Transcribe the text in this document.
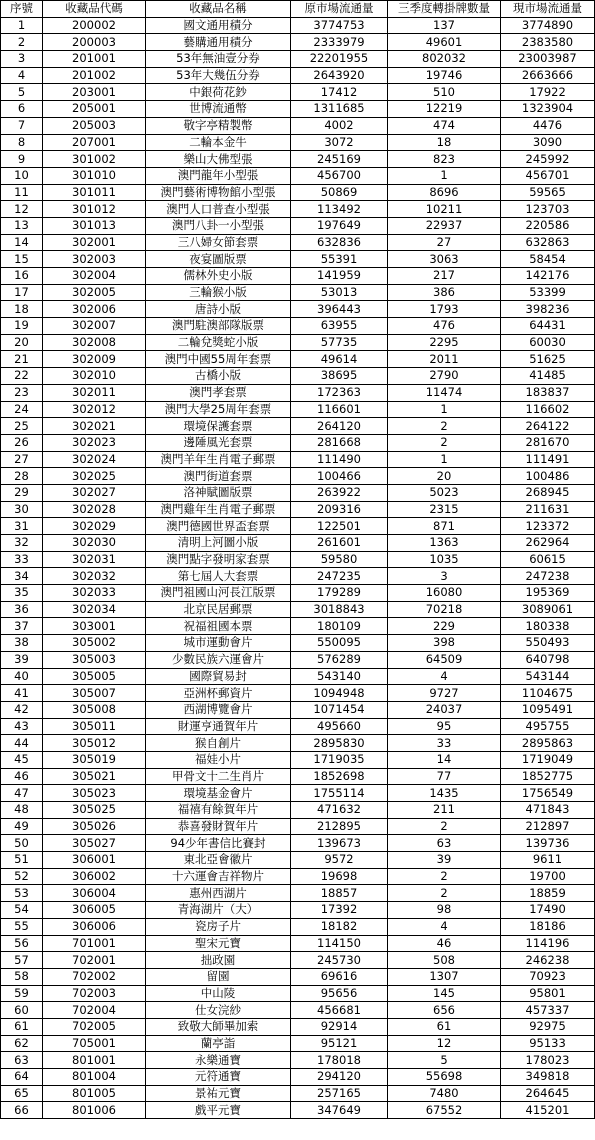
序號	收藏品代碼	收藏品名稱	原市場流通量	三季度轉掛牌數量	現市場流通量
1	200002	國文通用積分	3774753	137	3774890
2	200003	藝購通用積分	2333979	49601	2383580
3	201001	53年無油壹分券	22201955	802032	23003987
4	201002	53年大幾伍分券	2643920	19746	2663666
5	203001	中銀荷花鈔	17412	510	17922
6	205001	世博流通幣	1311685	12219	1323904
7	205003	敬字亭精製幣	4002	474	4476
8	207001	二輪本金牛	3072	18	3090
9	301002	樂山大佛型張	245169	823	245992
10	301010	澳門龍年小型張	456700	1	456701
11	301011	澳門藝術博物館小型張	50869	8696	59565
12	301012	澳門人口普查小型張	113492	10211	123703
13	301013	澳門八卦一小型張	197649	22937	220586
14	302001	三八婦女節套票	632836	27	632863
15	302003	夜宴圖版票	55391	3063	58454
16	302004	儒林外史小版	141959	217	142176
17	302005	三輪猴小版	53013	386	53399
18	302006	唐詩小版	396443	1793	398236
19	302007	澳門駐澳部隊版票	63955	476	64431
20	302008	二輪兌獎蛇小版	57735	2295	60030
21	302009	澳門中國55周年套票	49614	2011	51625
22	302010	古橋小版	38695	2790	41485
23	302011	澳門孝套票	172363	11474	183837
24	302012	澳門大學25周年套票	116601	1	116602
25	302021	環境保護套票	264120	2	264122
26	302023	邊陲風光套票	281668	2	281670
27	302024	澳門羊年生肖電子郵票	111490	1	111491
28	302025	澳門街道套票	100466	20	100486
29	302027	洛神賦圖版票	263922	5023	268945
30	302028	澳門雞年生肖電子郵票	209316	2315	211631
31	302029	澳門德國世界盃套票	122501	871	123372
32	302030	清明上河圖小版	261601	1363	262964
33	302031	澳門點字發明家套票	59580	1035	60615
34	302032	第七屆人大套票	247235	3	247238
35	302033	澳門祖國山河長江版票	179289	16080	195369
36	302034	北京民居郵票	3018843	70218	3089061
37	303001	祝福祖國本票	180109	229	180338
38	305002	城市運動會片	550095	398	550493
39	305003	少數民族六運會片	576289	64509	640798
40	305005	國際貿易封	543140	4	543144
41	305007	亞洲杯郵資片	1094948	9727	1104675
42	305008	西湖博覽會片	1071454	24037	1095491
43	305011	財運亨通賀年片	495660	95	495755
44	305012	猴自創片	2895830	33	2895863
45	305019	福娃小片	1719035	14	1719049
46	305021	甲骨文十二生肖片	1852698	77	1852775
47	305023	環境基金會片	1755114	1435	1756549
48	305025	福禧有餘賀年片	471632	211	471843
49	305026	恭喜發財賀年片	212895	2	212897
50	305027	94少年書信比賽封	139673	63	139736
51	306001	東北亞會徽片	9572	39	9611
52	306002	十六運會吉祥物片	19698	2	19700
53	306004	惠州西湖片	18857	2	18859
54	306005	青海湖片（大）	17392	98	17490
55	306006	瓷房子片	18182	4	18186
56	701001	聖宋元寶	114150	46	114196
57	702001	拙政園	245730	508	246238
58	702002	留園	69616	1307	70923
59	702003	中山陵	95656	145	95801
60	702004	仕女浣紗	456681	656	457337
61	702005	致敬大師畢加索	92914	61	92975
62	705001	蘭亭詣	95121	12	95133
63	801001	永樂通寶	178018	5	178023
64	801004	元符通寶	294120	55698	349818
65	801005	景祐元寶	257165	7480	264645
66	801006	戲平元寶	347649	67552	415201
